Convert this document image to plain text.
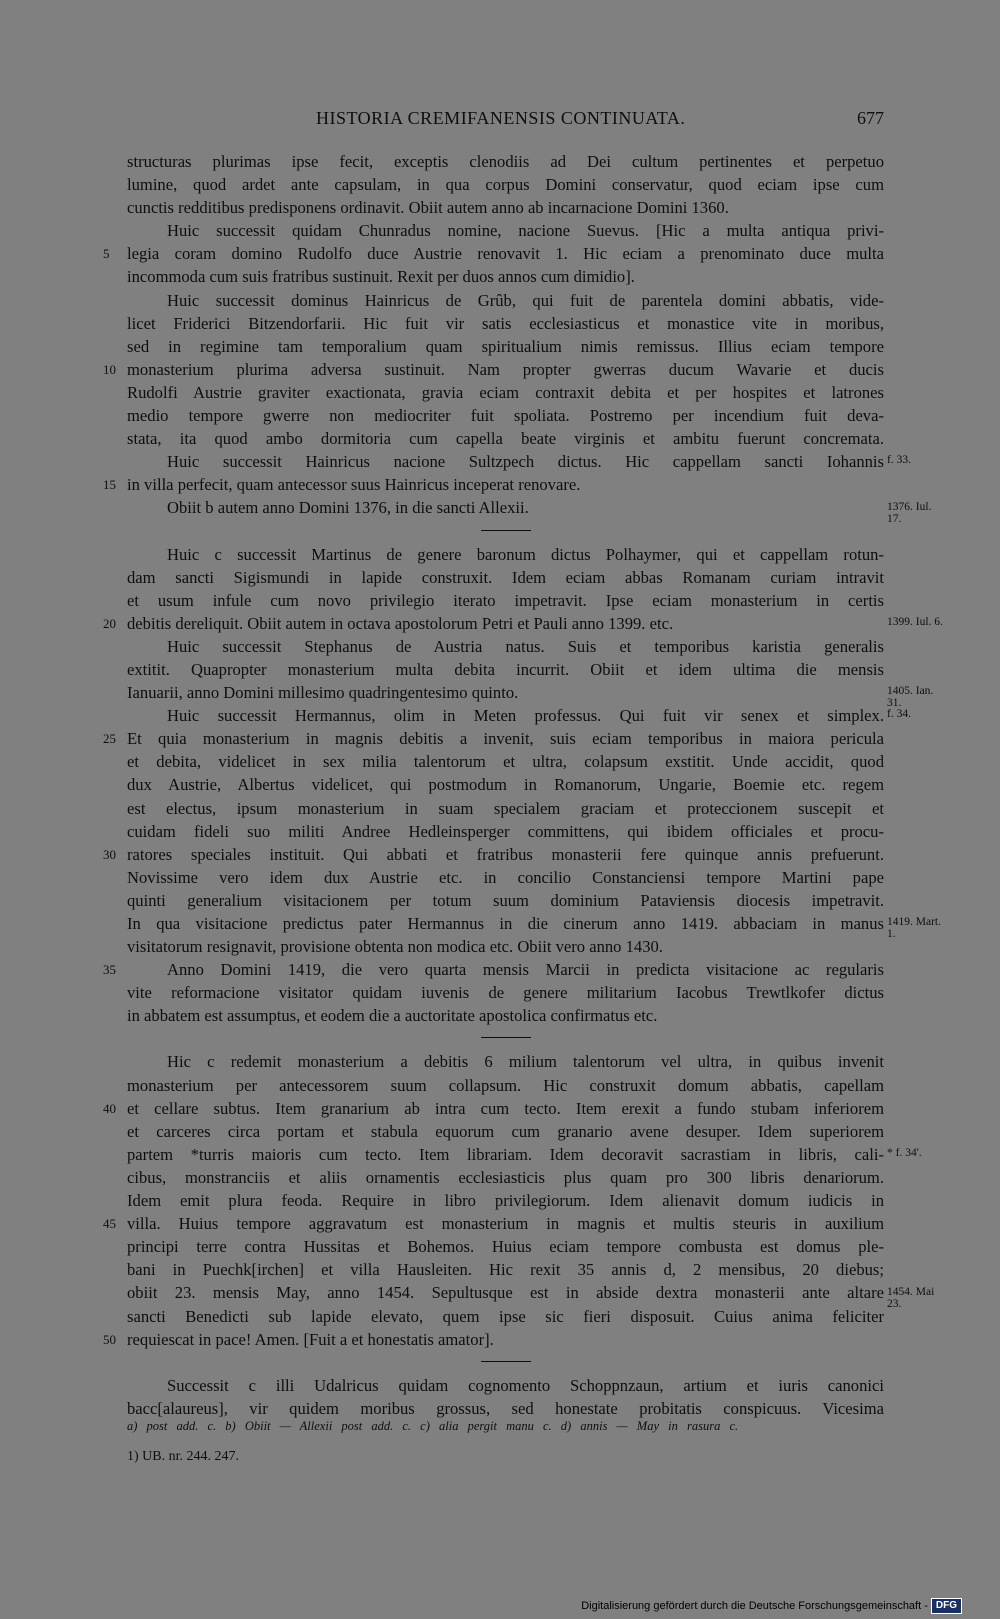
HISTORIA CREMIFANENSIS CONTINUATA.	677
structuras plurimas ipse fecit, exceptis clenodiis ad Dei cultum pertinentes et perpetuo
lumine, quod ardet ante capsulam, in qua corpus Domini conservatur, quod eciam ipse cum
cunctis redditibus predisponens ordinavit. Obiit autem anno ab incarnacione Domini 1360.
Huic successit quidam Chunradus nomine, nacione Suevus. [Hic a multa antiqua privi-
legia coram domino Rudolfo duce Austrie renovavit 1. Hic eciam a prenominato duce multa
5
incommoda cum suis fratribus sustinuit. Rexit per duos annos cum dimidio].
Huic successit dominus Hainricus de Grûb, qui fuit de parentela domini abbatis, vide-
licet Friderici Bitzendorfarii. Hic fuit vir satis ecclesiasticus et monastice vite in moribus,
sed in regimine tam temporalium quam spiritualium nimis remissus. Illius eciam tempore
monasterium plurima adversa sustinuit. Nam propter gwerras ducum Wavarie et ducis
10
Rudolfi Austrie graviter exactionata, gravia eciam contraxit debita et per hospites et latrones
medio tempore gwerre non mediocriter fuit spoliata. Postremo per incendium fuit deva-
stata, ita quod ambo dormitoria cum capella beate virginis et ambitu fuerunt concremata.
Huic successit Hainricus nacione Sultzpech dictus. Hic cappellam sancti Iohannis
in villa perfecit, quam antecessor suus Hainricus inceperat renovare.
15
Obiit b autem anno Domini 1376, in die sancti Allexii.
Huic c successit Martinus de genere baronum dictus Polhaymer, qui et cappellam rotun-
dam sancti Sigismundi in lapide construxit. Idem eciam abbas Romanam curiam intravit
et usum infule cum novo privilegio iterato impetravit. Ipse eciam monasterium in certis
debitis dereliquit. Obiit autem in octava apostolorum Petri et Pauli anno 1399. etc.
20
Huic successit Stephanus de Austria natus. Suis et temporibus karistia generalis
extitit. Quapropter monasterium multa debita incurrit. Obiit et idem ultima die mensis
Ianuarii, anno Domini millesimo quadringentesimo quinto.
Huic successit Hermannus, olim in Meten professus. Qui fuit vir senex et simplex.
Et quia monasterium in magnis debitis a invenit, suis eciam temporibus in maiora pericula
25
et debita, videlicet in sex milia talentorum et ultra, colapsum exstitit. Unde accidit, quod
dux Austrie, Albertus videlicet, qui postmodum in Romanorum, Ungarie, Boemie etc. regem
est electus, ipsum monasterium in suam specialem graciam et proteccionem suscepit et
cuidam fideli suo militi Andree Hedleinsperger committens, qui ibidem officiales et procu-
ratores speciales instituit. Qui abbati et fratribus monasterii fere quinque annis prefuerunt.
30
Novissime vero idem dux Austrie etc. in concilio Constanciensi tempore Martini pape
quinti generalium visitacionem per totum suum dominium Pataviensis diocesis impetravit.
In qua visitacione predictus pater Hermannus in die cinerum anno 1419. abbaciam in manus
visitatorum resignavit, provisione obtenta non modica etc. Obiit vero anno 1430.
Anno Domini 1419, die vero quarta mensis Marcii in predicta visitacione ac regularis
35
vite reformacione visitator quidam iuvenis de genere militarium Iacobus Trewtlkofer dictus
in abbatem est assumptus, et eodem die a auctoritate apostolica confirmatus etc.
Hic c redemit monasterium a debitis 6 milium talentorum vel ultra, in quibus invenit
monasterium per antecessorem suum collapsum. Hic construxit domum abbatis, capellam
et cellare subtus. Item granarium ab intra cum tecto. Item erexit a fundo stubam inferiorem
40
et carceres circa portam et stabula equorum cum granario avene desuper. Idem superiorem
partem *turris maioris cum tecto. Item librariam. Idem decoravit sacrastiam in libris, cali-
cibus, monstranciis et aliis ornamentis ecclesiasticis plus quam pro 300 libris denariorum.
Idem emit plura feoda. Require in libro privilegiorum. Idem alienavit domum iudicis in
villa. Huius tempore aggravatum est monasterium in magnis et multis steuris in auxilium
45
principi terre contra Hussitas et Bohemos. Huius eciam tempore combusta est domus ple-
bani in Puechk[irchen] et villa Hausleiten. Hic rexit 35 annis d, 2 mensibus, 20 diebus;
obiit 23. mensis May, anno 1454. Sepultusque est in abside dextra monasterii ante altare
sancti Benedicti sub lapide elevato, quem ipse sic fieri disposuit. Cuius anima feliciter
requiescat in pace! Amen. [Fuit a et honestatis amator].
50
Successit c illi Udalricus quidam cognomento Schoppnzaun, artium et iuris canonici
bacc[alaureus], vir quidem moribus grossus, sed honestate probitatis conspicuus. Vicesima
a) post add. c. b) Obiit — Allexii post add. c. c) alia pergit manu c. d) annis — May in rasura c.
1) UB. nr. 244. 247.
Digitalisierung gefördert durch die Deutsche Forschungsgemeinschaft - DFG
f. 33.
1376. Iul. 17.
1399. Iul. 6.
1405. Ian. 31.
f. 34.
1419. Mart. 1.
* f. 34'.
1454. Mai 23.
